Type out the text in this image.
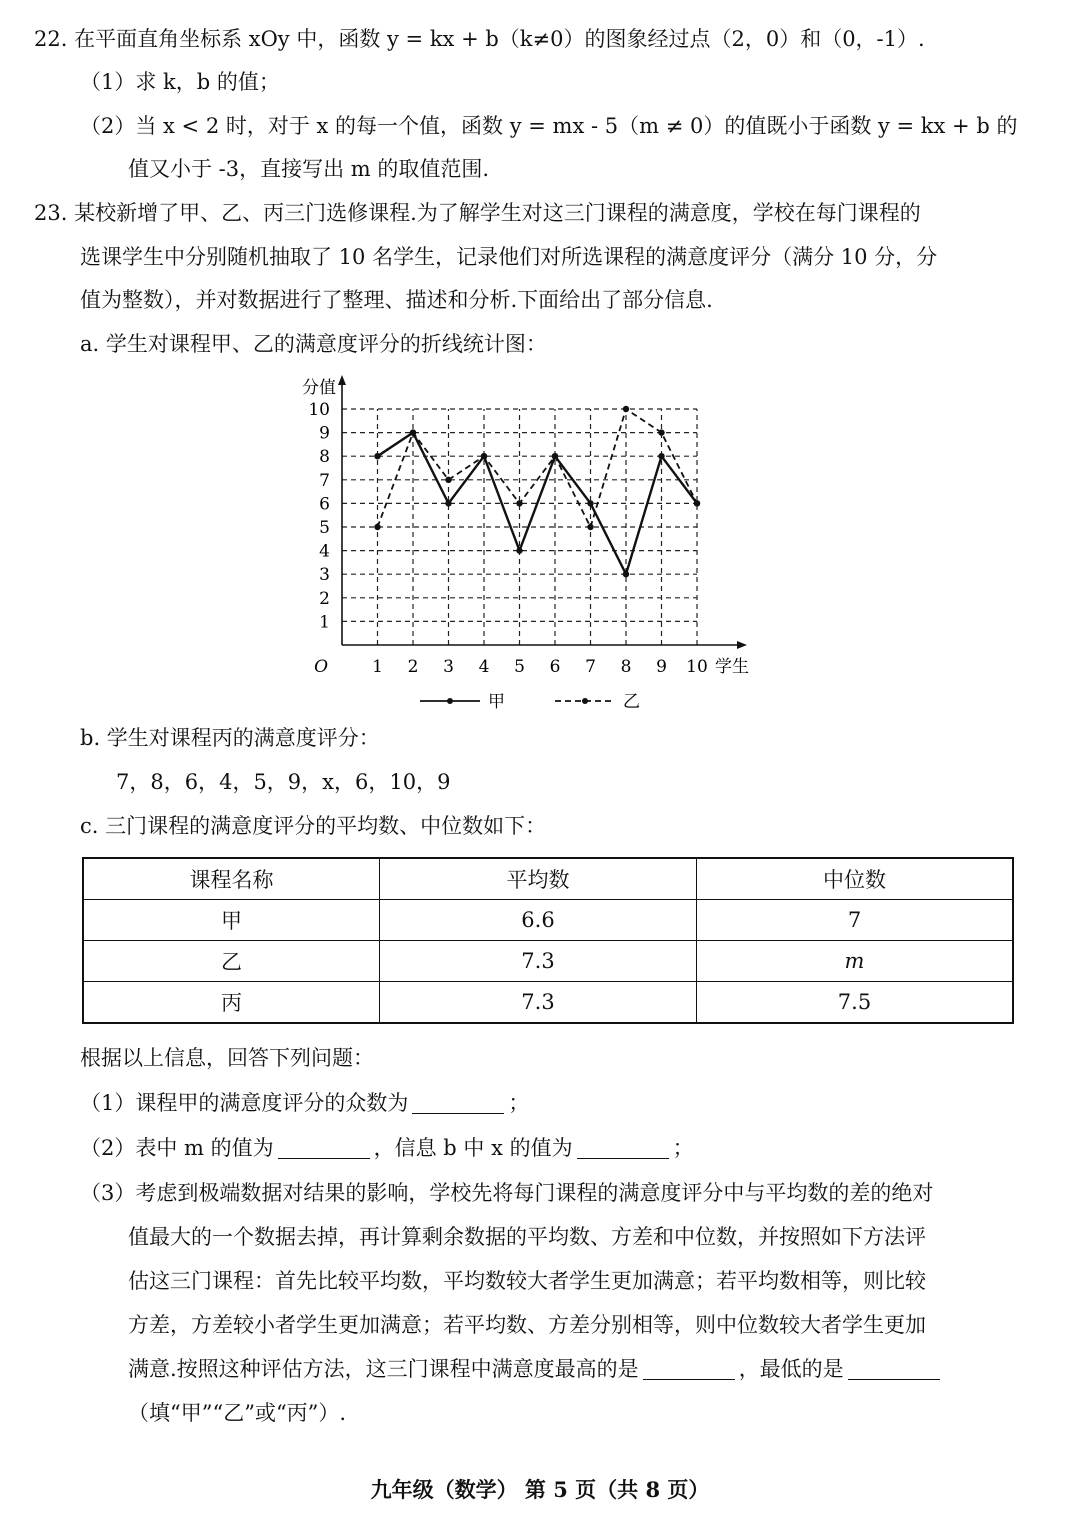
22. 在平面直角坐标系 xOy 中，函数 y = kx + b（k≠0）的图象经过点（2，0）和（0，-1）.
（1）求 k，b 的值；
（2）当 x < 2 时，对于 x 的每一个值，函数 y = mx - 5（m ≠ 0）的值既小于函数 y = kx + b 的
值又小于 -3，直接写出 m 的取值范围.
23. 某校新增了甲、乙、丙三门选修课程.为了解学生对这三门课程的满意度，学校在每门课程的
选课学生中分别随机抽取了 10 名学生，记录他们对所选课程的满意度评分（满分 10 分，分
值为整数），并对数据进行了整理、描述和分析.下面给出了部分信息.
a. 学生对课程甲、乙的满意度评分的折线统计图：
1 2 3 4 5 6 7 8 9 10
1
2
3
4
5
6
7
8
9
10
O
分值
学生
甲	乙
b. 学生对课程丙的满意度评分：
7，8，6，4，5，9，x，6，10，9
c. 三门课程的满意度评分的平均数、中位数如下：
课程名称	平均数	中位数
甲	6.6	7
乙	7.3	m
丙	7.3	7.5
根据以上信息，回答下列问题：
（1）课程甲的满意度评分的众数为	；
（2）表中 m 的值为	，信息 b 中 x 的值为	；
（3）考虑到极端数据对结果的影响，学校先将每门课程的满意度评分中与平均数的差的绝对
值最大的一个数据去掉，再计算剩余数据的平均数、方差和中位数，并按照如下方法评
估这三门课程：首先比较平均数，平均数较大者学生更加满意；若平均数相等，则比较
方差，方差较小者学生更加满意；若平均数、方差分别相等，则中位数较大者学生更加
满意.按照这种评估方法，这三门课程中满意度最高的是	，最低的是
（填“甲”“乙”或“丙”）.
九年级（数学） 第 5 页（共 8 页）
